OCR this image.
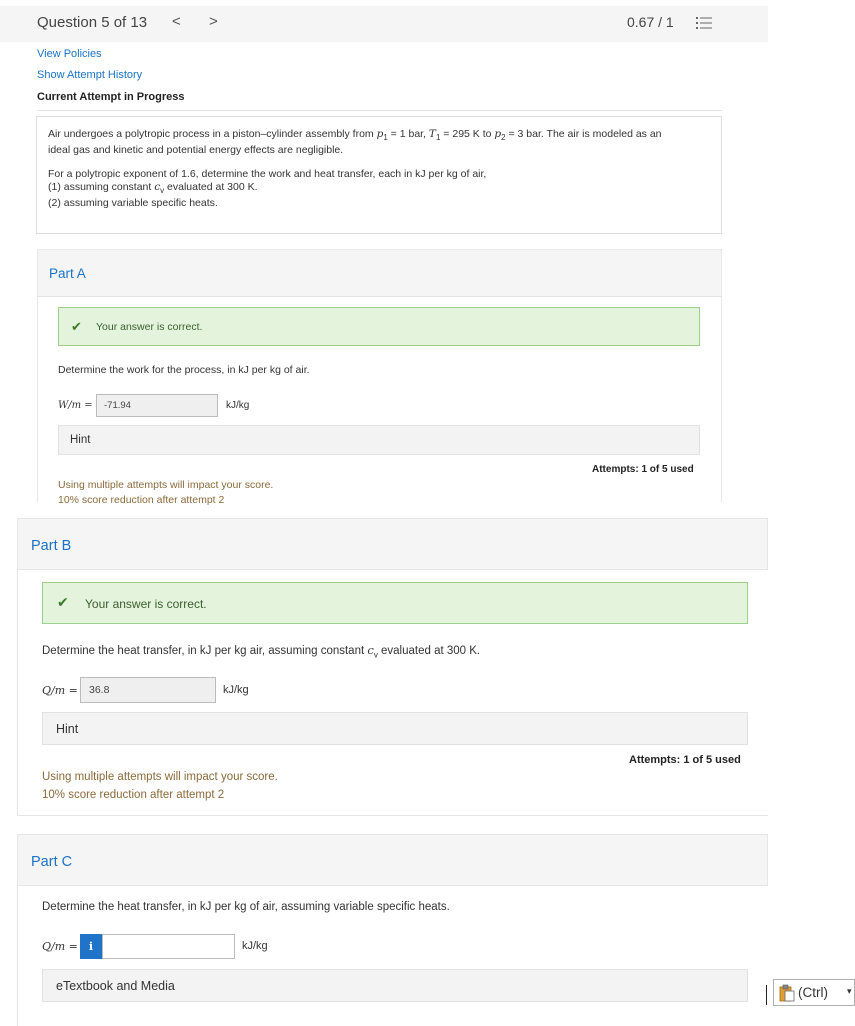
Question 5 of 13 < >	0.67 / 1
View Policies
Show Attempt History
Current Attempt in Progress

Air undergoes a polytropic process in a piston–cylinder assembly from $p_1 = 1$ bar, $T_1 = 295$ K to $p_2 = 3$ bar. The air is modeled as an

ideal gas and kinetic and potential energy effects are negligible.

For a polytropic exponent of 1.6, determine the work and heat transfer, each in kJ per kg of air,

(1) assuming constant $c_v$ evaluated at 300 K.

(2) assuming variable specific heats.

Part A
✔ Your answer is correct.
Determine the work for the process, in kJ per kg of air.
W/m =	-71.94	kJ/kg
Hint
Attempts: 1 of 5 used
Using multiple attempts will impact your score.
10% score reduction after attempt 2
Part B
✔ Your answer is correct.
Determine the heat transfer, in kJ per kg air, assuming constant $c_v$ evaluated at 300 K.
Q/m =	36.8	kJ/kg
Hint
Attempts: 1 of 5 used
Using multiple attempts will impact your score.
10% score reduction after attempt 2
Part C
Determine the heat transfer, in kJ per kg of air, assuming variable specific heats.
Q/m =	i	kJ/kg
eTextbook and Media	(Ctrl) ▾
